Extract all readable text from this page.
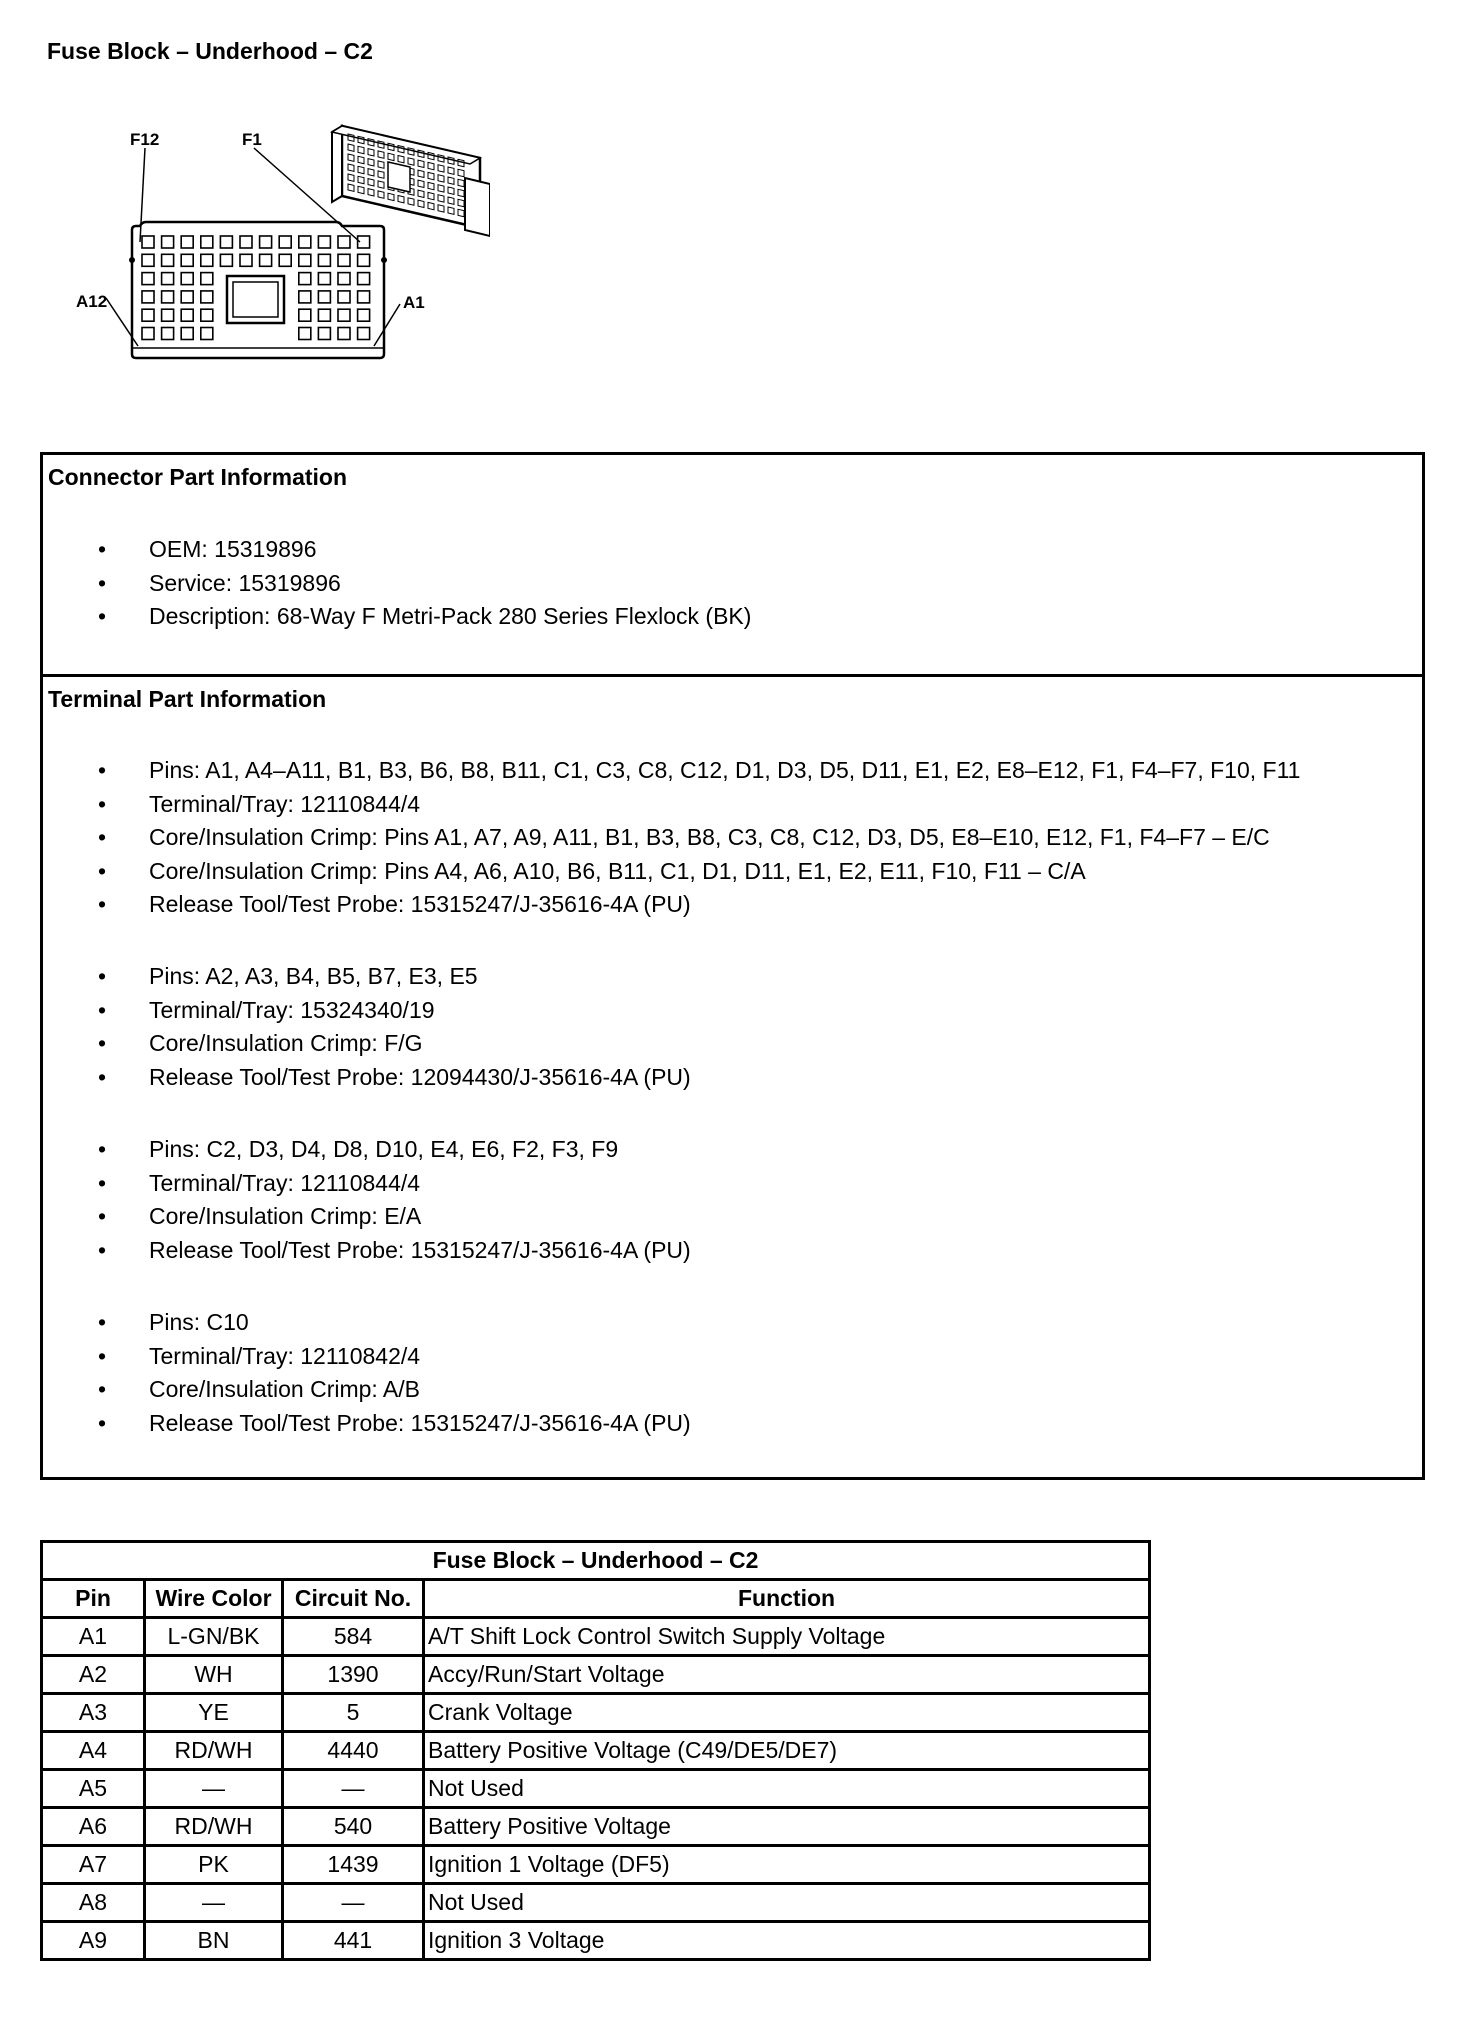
Fuse Block – Underhood – C2
F12	F1
A12	A1
Connector Part Information
• OEM: 15319896
• Service: 15319896
• Description: 68-Way F Metri-Pack 280 Series Flexlock (BK)
Terminal Part Information
• Pins: A1, A4–A11, B1, B3, B6, B8, B11, C1, C3, C8, C12, D1, D3, D5, D11, E1, E2, E8–E12, F1, F4–F7, F10, F11
• Terminal/Tray: 12110844/4
• Core/Insulation Crimp: Pins A1, A7, A9, A11, B1, B3, B8, C3, C8, C12, D3, D5, E8–E10, E12, F1, F4–F7 – E/C
• Core/Insulation Crimp: Pins A4, A6, A10, B6, B11, C1, D1, D11, E1, E2, E11, F10, F11 – C/A
• Release Tool/Test Probe: 15315247/J-35616-4A (PU)
• Pins: A2, A3, B4, B5, B7, E3, E5
• Terminal/Tray: 15324340/19
• Core/Insulation Crimp: F/G
• Release Tool/Test Probe: 12094430/J-35616-4A (PU)
• Pins: C2, D3, D4, D8, D10, E4, E6, F2, F3, F9
• Terminal/Tray: 12110844/4
• Core/Insulation Crimp: E/A
• Release Tool/Test Probe: 15315247/J-35616-4A (PU)
• Pins: C10
• Terminal/Tray: 12110842/4
• Core/Insulation Crimp: A/B
• Release Tool/Test Probe: 15315247/J-35616-4A (PU)
Fuse Block – Underhood – C2			
Pin	Wire Color	Circuit No.	Function
A1	L-GN/BK	584	A/T Shift Lock Control Switch Supply Voltage
A2	WH	1390	Accy/Run/Start Voltage
A3	YE	5	Crank Voltage
A4	RD/WH	4440	Battery Positive Voltage (C49/DE5/DE7)
A5	—	—	Not Used
A6	RD/WH	540	Battery Positive Voltage
A7	PK	1439	Ignition 1 Voltage (DF5)
A8	—	—	Not Used
A9	BN	441	Ignition 3 Voltage
